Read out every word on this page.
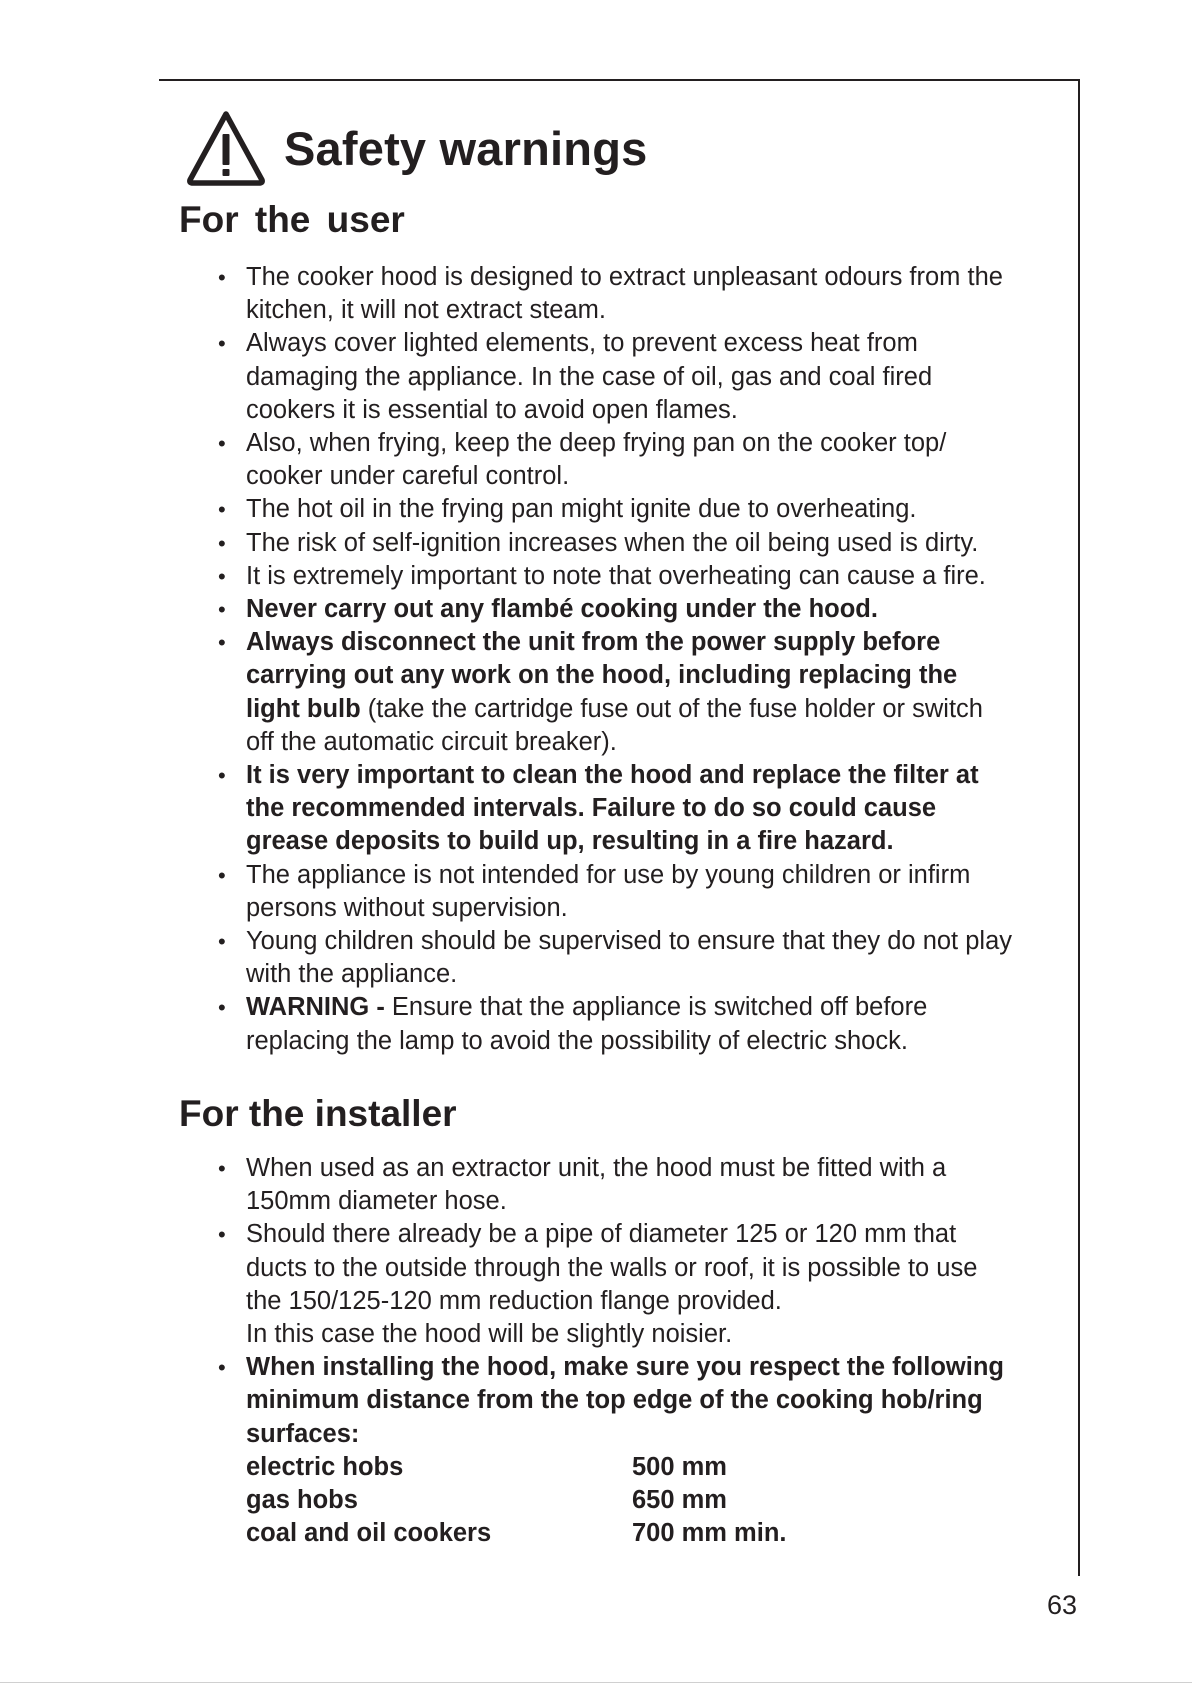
Safety warnings
For the user
• The cooker hood is designed to extract unpleasant odours from the
kitchen, it will not extract steam.
• Always cover lighted elements, to prevent excess heat from
damaging the appliance. In the case of oil, gas and coal fired
cookers it is essential to avoid open flames.
• Also, when frying, keep the deep frying pan on the cooker top/
cooker under careful control.
• The hot oil in the frying pan might ignite due to overheating.
• The risk of self-ignition increases when the oil being used is dirty.
• It is extremely important to note that overheating can cause a fire.
• Never carry out any flambé cooking under the hood.
• Always disconnect the unit from the power supply before
carrying out any work on the hood, including replacing the
light bulb (take the cartridge fuse out of the fuse holder or switch
off the automatic circuit breaker).
• It is very important to clean the hood and replace the filter at
the recommended intervals. Failure to do so could cause
grease deposits to build up, resulting in a fire hazard.
• The appliance is not intended for use by young children or infirm
persons without supervision.
• Young children should be supervised to ensure that they do not play
with the appliance.
• WARNING - Ensure that the appliance is switched off before
replacing the lamp to avoid the possibility of electric shock.
For the installer
• When used as an extractor unit, the hood must be fitted with a
150mm diameter hose.
• Should there already be a pipe of diameter 125 or 120 mm that
ducts to the outside through the walls or roof, it is possible to use
the 150/125-120 mm reduction flange provided.
In this case the hood will be slightly noisier.
• When installing the hood, make sure you respect the following
minimum distance from the top edge of the cooking hob/ring
surfaces:
electric hobs	500 mm
gas hobs	650 mm
coal and oil cookers	700 mm min.
63
